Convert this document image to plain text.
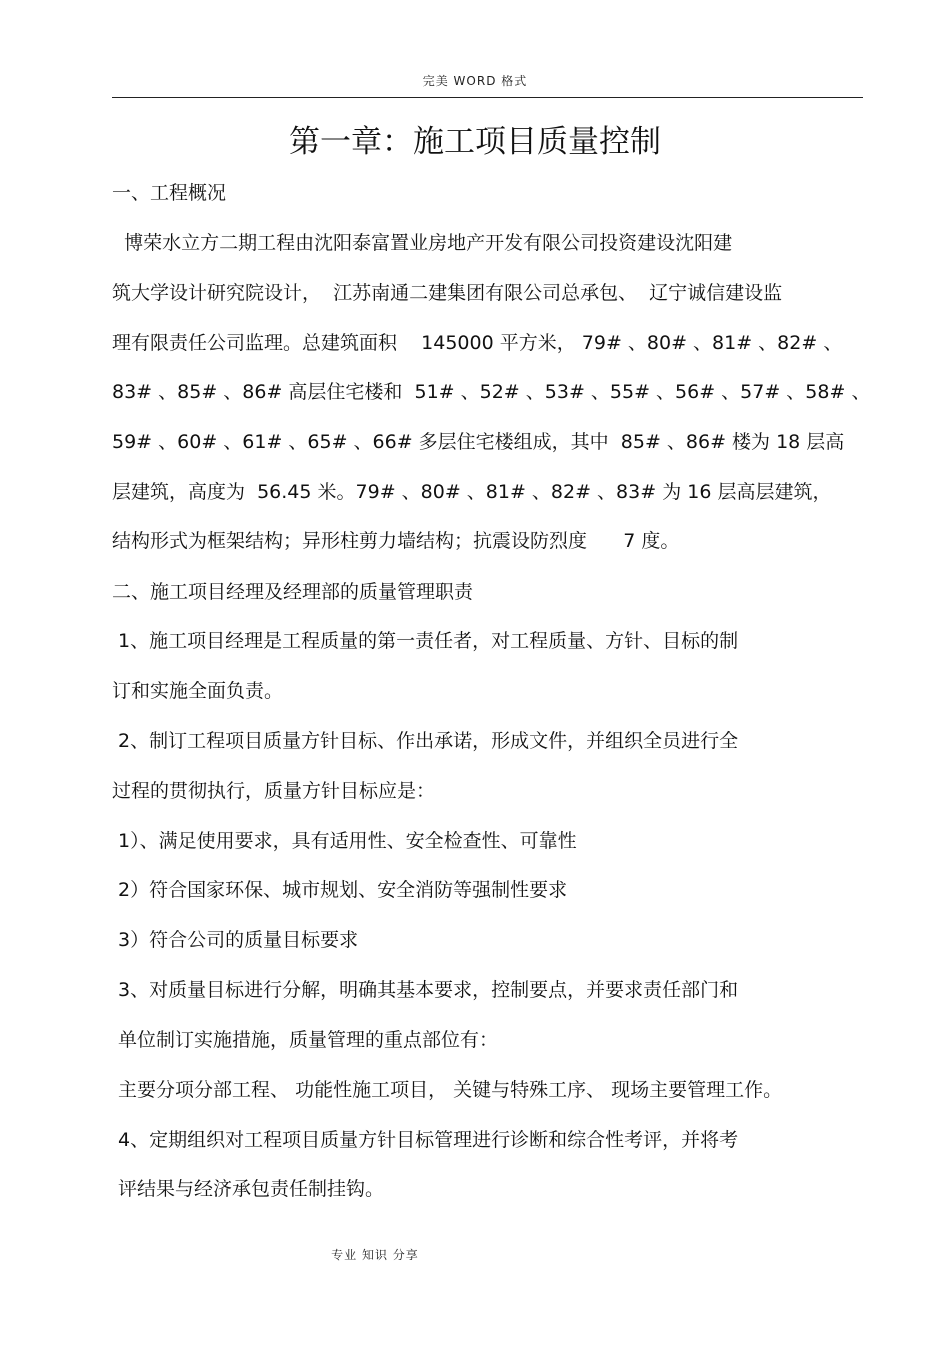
完美 WORD 格式
第一章：施工项目质量控制
一、工程概况
博荣水立方二期工程由沈阳泰富置业房地产开发有限公司投资建设沈阳建
筑大学设计研究院设计，  江苏南通二建集团有限公司总承包、  辽宁诚信建设监
理有限责任公司监理。总建筑面积    145000 平方米， 79# 、80# 、81# 、82# 、
83# 、85# 、86# 高层住宅楼和  51# 、52# 、53# 、55# 、56# 、57# 、58# 、
59# 、60# 、61# 、65# 、66# 多层住宅楼组成，其中  85# 、86# 楼为 18 层高
层建筑，高度为  56.45 米。79# 、80# 、81# 、82# 、83# 为 16 层高层建筑，
结构形式为框架结构；异形柱剪力墙结构；抗震设防烈度      7 度。
二、施工项目经理及经理部的质量管理职责
1、施工项目经理是工程质量的第一责任者，对工程质量、方针、目标的制
订和实施全面负责。
2、制订工程项目质量方针目标、作出承诺，形成文件，并组织全员进行全
过程的贯彻执行，质量方针目标应是：
1）、满足使用要求，具有适用性、安全检查性、可靠性
2）符合国家环保、城市规划、安全消防等强制性要求
3）符合公司的质量目标要求
3、对质量目标进行分解，明确其基本要求，控制要点，并要求责任部门和
单位制订实施措施，质量管理的重点部位有：
主要分项分部工程、 功能性施工项目， 关键与特殊工序、 现场主要管理工作。
4、定期组织对工程项目质量方针目标管理进行诊断和综合性考评，并将考
评结果与经济承包责任制挂钩。
专业 知识 分享
